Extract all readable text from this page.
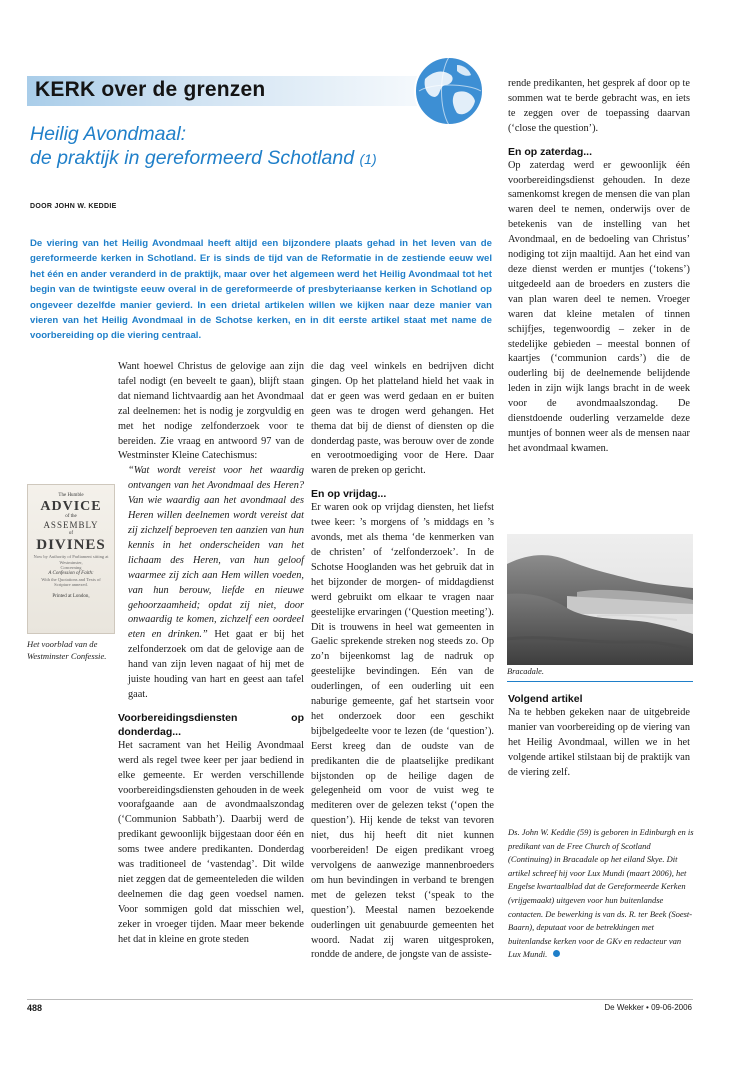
KERK over de grenzen
Heilig Avondmaal:
de praktijk in gereformeerd Schotland (1)
DOOR JOHN W. KEDDIE
De viering van het Heilig Avondmaal heeft altijd een bijzondere plaats gehad in het leven van de gereformeerde kerken in Schotland. Er is sinds de tijd van de Reformatie in de zestiende eeuw wel het één en ander veranderd in de praktijk, maar over het algemeen werd het Heilig Avondmaal tot het begin van de twintigste eeuw overal in de gereformeerde of presbyteriaanse kerken in Schotland op ongeveer dezelfde manier gevierd. In een drietal artikelen willen we kijken naar deze manier van vieren van het Heilig Avondmaal in de Schotse kerken, en in dit eerste artikel staat met name de voorbereiding op die viering centraal.
The Humble
ADVICE
of the
ASSEMBLY
of
DIVINES
Now by Authority of Parliament sitting at Westminster,
Concerning
A Confession of Faith:
With the Quotations and Texts of Scripture annexed.
Printed at London,
Het voorblad van de Westminster Confessie.

Want hoewel Christus de gelovige aan zijn tafel nodigt (en beveelt te gaan), blijft staan dat niemand lichtvaardig aan het Avondmaal zal deelnemen: het is nodig je zorgvuldig en met het nodige zelfonderzoek voor te bereiden. Zie vraag en antwoord 97 van de Westminster Kleine Catechismus:

“Wat wordt vereist voor het waardig ontvangen van het Avondmaal des Heren? Van wie waardig aan het avondmaal des Heren willen deelnemen wordt vereist dat zij zichzelf beproeven ten aanzien van hun kennis in het onderscheiden van het lichaam des Heren, van hun geloof waarmee zij zich aan Hem willen voeden, van hun berouw, liefde en nieuwe gehoorzaamheid; opdat zij niet, door onwaardig te komen, zichzelf een oordeel eten en drinken.” Het gaat er bij het zelfonderzoek om dat de gelovige aan de hand van zijn leven nagaat of hij met de juiste houding van hart en geest aan tafel gaat.

Voorbereidingsdiensten op donderdag...

Het sacrament van het Heilig Avondmaal werd als regel twee keer per jaar bediend in elke gemeente. Er werden verschillende voorbereidingsdiensten gehouden in de week voorafgaande aan de avondmaalszondag (‘Communion Sabbath’). Daarbij werd de predikant gewoonlijk bijgestaan door één en soms twee andere predikanten. Donderdag was traditioneel de ‘vastendag’. Dit wilde niet zeggen dat de gemeenteleden die wilden deelnemen die dag geen voedsel namen. Voor sommigen gold dat misschien wel, zeker in vroeger tijden. Maar meer bekende het dat in kleine en grote steden

die dag veel winkels en bedrijven dicht gingen. Op het platteland hield het vaak in dat er geen was werd gedaan en er buiten geen was te drogen werd gehangen. Het thema dat bij de dienst of diensten op die donderdag paste, was berouw over de zonde en verootmoediging voor de Here. Daar waren de preken op gericht.

En op vrijdag...

Er waren ook op vrijdag diensten, het liefst twee keer: ’s morgens of ’s middags en ’s avonds, met als thema ‘de kenmerken van de christen’ of ‘zelfonderzoek’. In de Schotse Hooglanden was het gebruik dat in het bijzonder de morgen- of middagdienst werd gebruikt om elkaar te vragen naar geestelijke ervaringen (‘Question meeting’). Dit is trouwens in heel wat gemeenten in Gaelic sprekende streken nog steeds zo. Op zo’n bijeenkomst lag de nadruk op geestelijke bevindingen. Eén van de ouderlingen, of een ouderling uit een naburige gemeente, gaf het startsein voor het onderzoek door een geschikt bijbelgedeelte voor te lezen (de ‘question’). Eerst kreeg dan de oudste van de predikanten die de plaatselijke predikant bijstonden op de heilige dagen de gelegenheid om voor de vuist weg te mediteren over de gelezen tekst (‘open the question’). Hij kende de tekst van tevoren niet, dus hij heeft dit niet kunnen voorbereiden! De eigen predikant vroeg vervolgens de aanwezige mannenbroeders om hun bevindingen in verband te brengen met de gelezen tekst (‘speak to the question’). Meestal namen bezoekende ouderlingen uit genabuurde gemeenten het woord. Nadat zij waren uitgesproken, rondde de andere, de jongste van de assiste-

rende predikanten, het gesprek af door op te sommen wat te berde gebracht was, en iets te zeggen over de toepassing daarvan (‘close the question’).

En op zaterdag...

Op zaterdag werd er gewoonlijk één voorbereidingsdienst gehouden. In deze samenkomst kregen de mensen die van plan waren deel te nemen, onderwijs over de betekenis van de instelling van het Avondmaal, en de bedoeling van Christus’ nodiging tot zijn maaltijd. Aan het eind van deze dienst werden er muntjes (‘tokens’) uitgedeeld aan de broeders en zusters die van plan waren deel te nemen. Vroeger waren dat kleine metalen of tinnen schijfjes, tegenwoordig – zeker in de stedelijke gebieden – meestal bonnen of kaartjes (‘communion cards’) die de ouderling bij de deelnemende belijdende leden in zijn wijk langs bracht in de week voor de avondmaalszondag. De dienstdoende ouderling verzamelde deze muntjes of bonnen weer als de mensen naar het avondmaal kwamen.

Bracadale.
Volgend artikel

Na te hebben gekeken naar de uitgebreide manier van voorbereiding op de viering van het Heilig Avondmaal, willen we in het volgende artikel stilstaan bij de praktijk van de viering zelf.

Ds. John W. Keddie (59) is geboren in Edinburgh en is predikant van de Free Church of Scotland (Continuing) in Bracadale op het eiland Skye. Dit artikel schreef hij voor Lux Mundi (maart 2006), het Engelse kwartaalblad dat de Gereformeerde Kerken (vrijgemaakt) uitgeven voor hun buitenlandse contacten. De bewerking is van ds. R. ter Beek (Soest-Baarn), deputaat voor de betrekkingen met buitenlandse kerken voor de GKv en redacteur van Lux Mundi.
488	De Wekker • 09-06-2006
